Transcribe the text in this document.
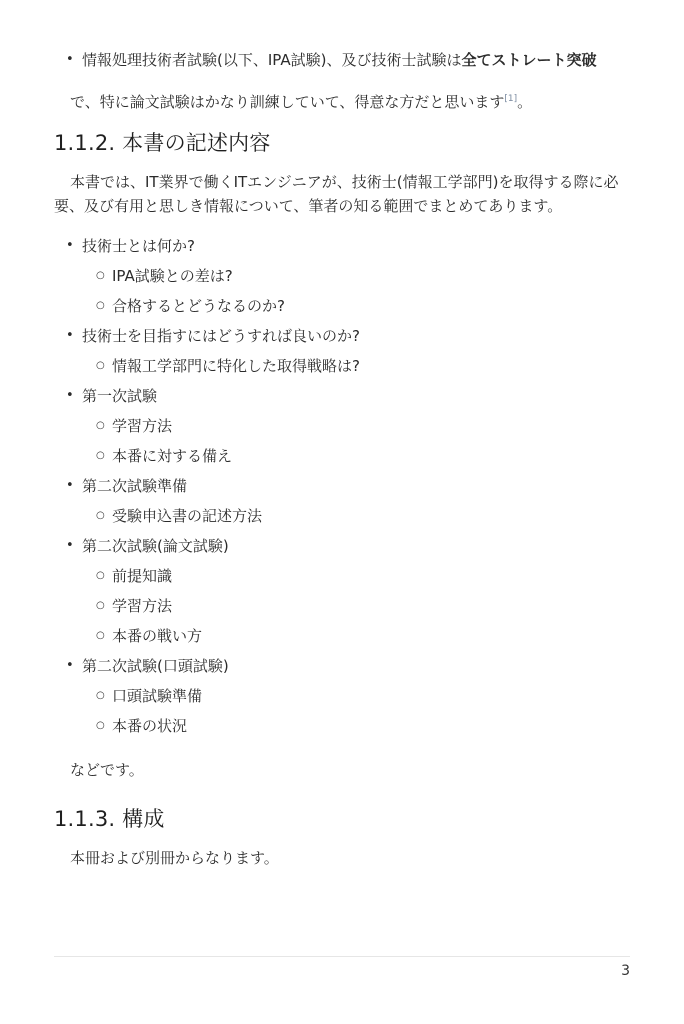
• 情報処理技術者試験(以下、IPA試験)、及び技術士試験は全てストレート突破
で、特に論文試験はかなり訓練していて、得意な方だと思います[1]。
1.1.2. 本書の記述内容

本書では、IT業界で働くITエンジニアが、技術士(情報工学部門)を取得する際に必要、及び有用と思しき情報について、筆者の知る範囲でまとめてあります。

• 技術士とは何か?
○ IPA試験との差は?
○ 合格するとどうなるのか?
• 技術士を目指すにはどうすれば良いのか?
○ 情報工学部門に特化した取得戦略は?
• 第一次試験
○ 学習方法
○ 本番に対する備え
• 第二次試験準備
○ 受験申込書の記述方法
• 第二次試験(論文試験)
○ 前提知識
○ 学習方法
○ 本番の戦い方
• 第二次試験(口頭試験)
○ 口頭試験準備
○ 本番の状況

などです。

1.1.3. 構成

本冊および別冊からなります。

3
